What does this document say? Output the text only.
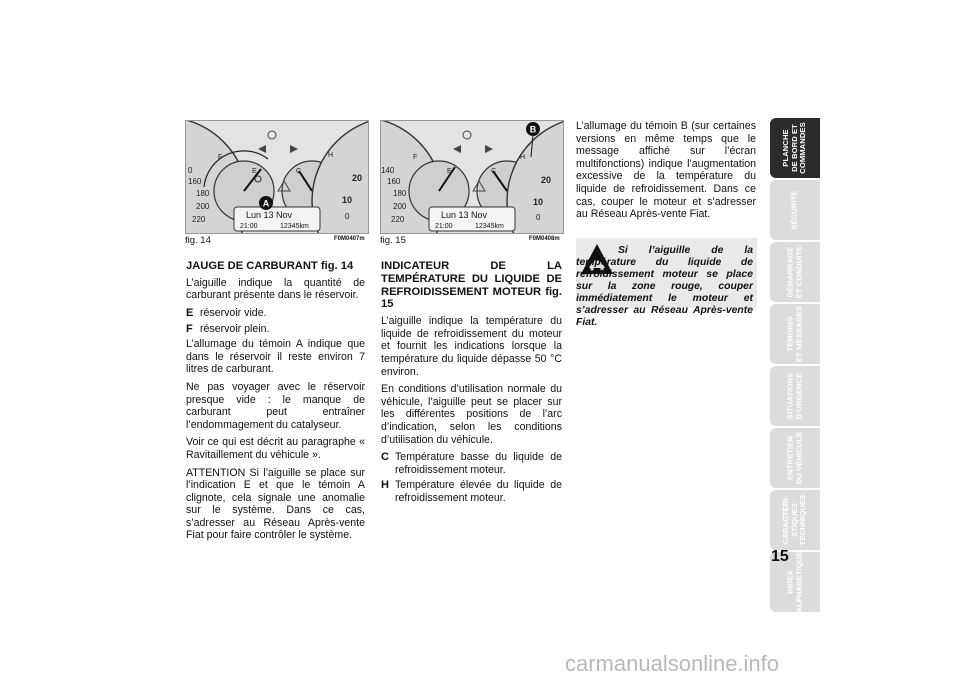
A
F
E
0
160
180
200
220
C
H
20
10
0
Lun 13 Nov
21:00	12345km
fig. 14	F0M0407m
B
F
E
140
160
180
200
220
C
H
20
10
0
Lun 13 Nov
21:00	12345km
fig. 15	F0M0408m
JAUGE DE CARBURANT fig. 14

L’aiguille indique la quantité de carburant présente dans le réservoir.

E réservoir vide.
F réservoir plein.

L’allumage du témoin A indique que dans le réservoir il reste environ 7 litres de carburant.

Ne pas voyager avec le réservoir presque vide : le manque de carburant peut entraîner l’endommagement du catalyseur.

Voir ce qui est décrit au paragraphe « Ravitaillement du véhicule ».

ATTENTION Si l’aiguille se place sur l’indication E et que le témoin A clignote, cela signale une anomalie sur le système. Dans ce cas, s’adresser au Réseau Après-vente Fiat pour faire contrôler le système.

INDICATEUR DE LA TEMPÉRATURE DU LIQUIDE DE REFROIDISSEMENT MOTEUR fig. 15

L’aiguille indique la température du liquide de refroidissement du moteur et fournit les indications lorsque la température du liquide dépasse 50 °C environ.

En conditions d’utilisation normale du véhicule, l’aiguille peut se placer sur les différentes positions de l’arc d’indication, selon les conditions d’utilisation du véhicule.

C Température basse du liquide de refroidissement moteur.
H Température élevée du liquide de refroidissement moteur.

L’allumage du témoin B (sur certaines versions en même temps que le message affiché sur l’écran multifonctions) indique l’augmentation excessive de la température du liquide de refroidissement. Dans ce cas, couper le moteur et s’adresser au Réseau Après-vente Fiat.

Si l’aiguille de la température du liquide de refroidissement moteur se place sur la zone rouge, couper immédiatement le moteur et s’adresser au Réseau Après-vente Fiat.
PLANCHE
DE BORD ET
COMMANDES
SÉCURITÉ
DÉMARRAGE
ET CONDUITE
TÉMOINS
ET MESSAGES
SITUATIONS
D’URGENCE
ENTRETIEN
DU VÉHICULE
CARACTÉRI-
STIQUES
TECHNIQUES
INDEX
ALPHABÉTIQUE
15
carmanualsonline.info
